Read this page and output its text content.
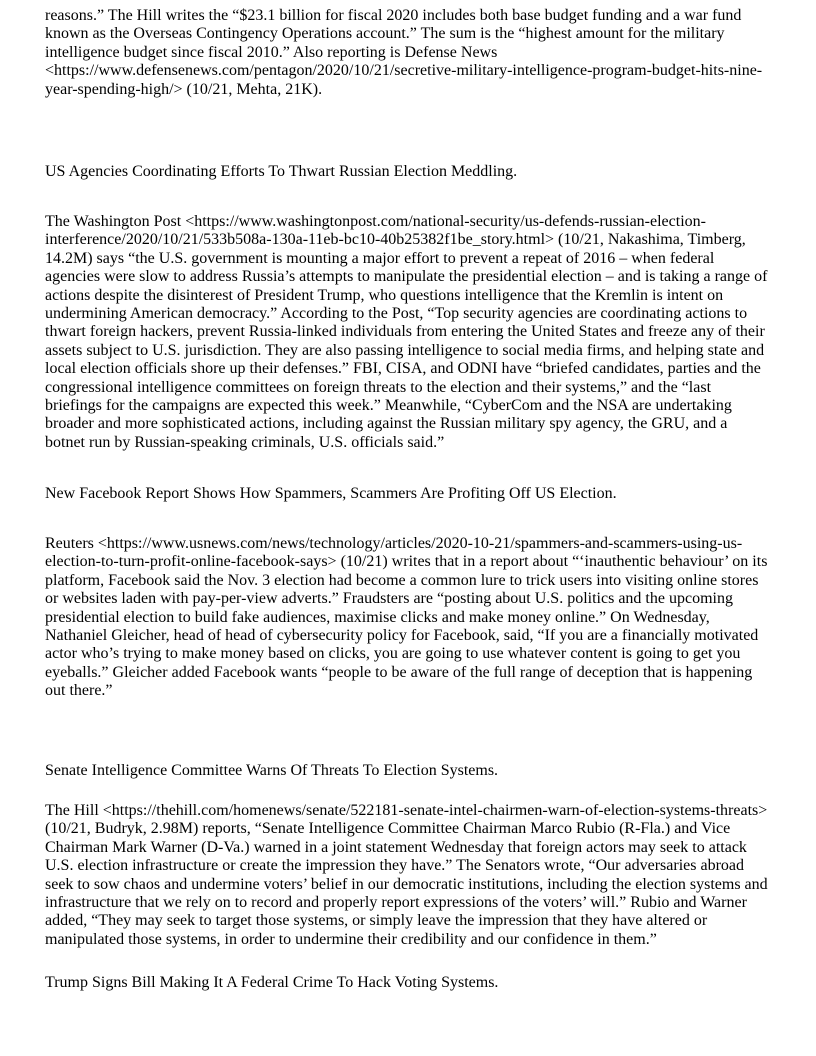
reasons.” The Hill writes the “$23.1 billion for fiscal 2020 includes both base budget funding and a war fund
known as the Overseas Contingency Operations account.” The sum is the “highest amount for the military
intelligence budget since fiscal 2010.” Also reporting is Defense News
<https://www.defensenews.com/pentagon/2020/10/21/secretive-military-intelligence-program-budget-hits-nine-
year-spending-high/> (10/21, Mehta, 21K).
US Agencies Coordinating Efforts To Thwart Russian Election Meddling.
The Washington Post <https://www.washingtonpost.com/national-security/us-defends-russian-election-
interference/2020/10/21/533b508a-130a-11eb-bc10-40b25382f1be_story.html> (10/21, Nakashima, Timberg,
14.2M) says “the U.S. government is mounting a major effort to prevent a repeat of 2016 – when federal
agencies were slow to address Russia’s attempts to manipulate the presidential election – and is taking a range of
actions despite the disinterest of President Trump, who questions intelligence that the Kremlin is intent on
undermining American democracy.” According to the Post, “Top security agencies are coordinating actions to
thwart foreign hackers, prevent Russia-linked individuals from entering the United States and freeze any of their
assets subject to U.S. jurisdiction. They are also passing intelligence to social media firms, and helping state and
local election officials shore up their defenses.” FBI, CISA, and ODNI have “briefed candidates, parties and the
congressional intelligence committees on foreign threats to the election and their systems,” and the “last
briefings for the campaigns are expected this week.” Meanwhile, “CyberCom and the NSA are undertaking
broader and more sophisticated actions, including against the Russian military spy agency, the GRU, and a
botnet run by Russian-speaking criminals, U.S. officials said.”
New Facebook Report Shows How Spammers, Scammers Are Profiting Off US Election.
Reuters <https://www.usnews.com/news/technology/articles/2020-10-21/spammers-and-scammers-using-us-
election-to-turn-profit-online-facebook-says> (10/21) writes that in a report about “‘inauthentic behaviour’ on its
platform, Facebook said the Nov. 3 election had become a common lure to trick users into visiting online stores
or websites laden with pay-per-view adverts.” Fraudsters are “posting about U.S. politics and the upcoming
presidential election to build fake audiences, maximise clicks and make money online.” On Wednesday,
Nathaniel Gleicher, head of head of cybersecurity policy for Facebook, said, “If you are a financially motivated
actor who’s trying to make money based on clicks, you are going to use whatever content is going to get you
eyeballs.” Gleicher added Facebook wants “people to be aware of the full range of deception that is happening
out there.”
Senate Intelligence Committee Warns Of Threats To Election Systems.
The Hill <https://thehill.com/homenews/senate/522181-senate-intel-chairmen-warn-of-election-systems-threats>
(10/21, Budryk, 2.98M) reports, “Senate Intelligence Committee Chairman Marco Rubio (R-Fla.) and Vice
Chairman Mark Warner (D-Va.) warned in a joint statement Wednesday that foreign actors may seek to attack
U.S. election infrastructure or create the impression they have.” The Senators wrote, “Our adversaries abroad
seek to sow chaos and undermine voters’ belief in our democratic institutions, including the election systems and
infrastructure that we rely on to record and properly report expressions of the voters’ will.” Rubio and Warner
added, “They may seek to target those systems, or simply leave the impression that they have altered or
manipulated those systems, in order to undermine their credibility and our confidence in them.”
Trump Signs Bill Making It A Federal Crime To Hack Voting Systems.
